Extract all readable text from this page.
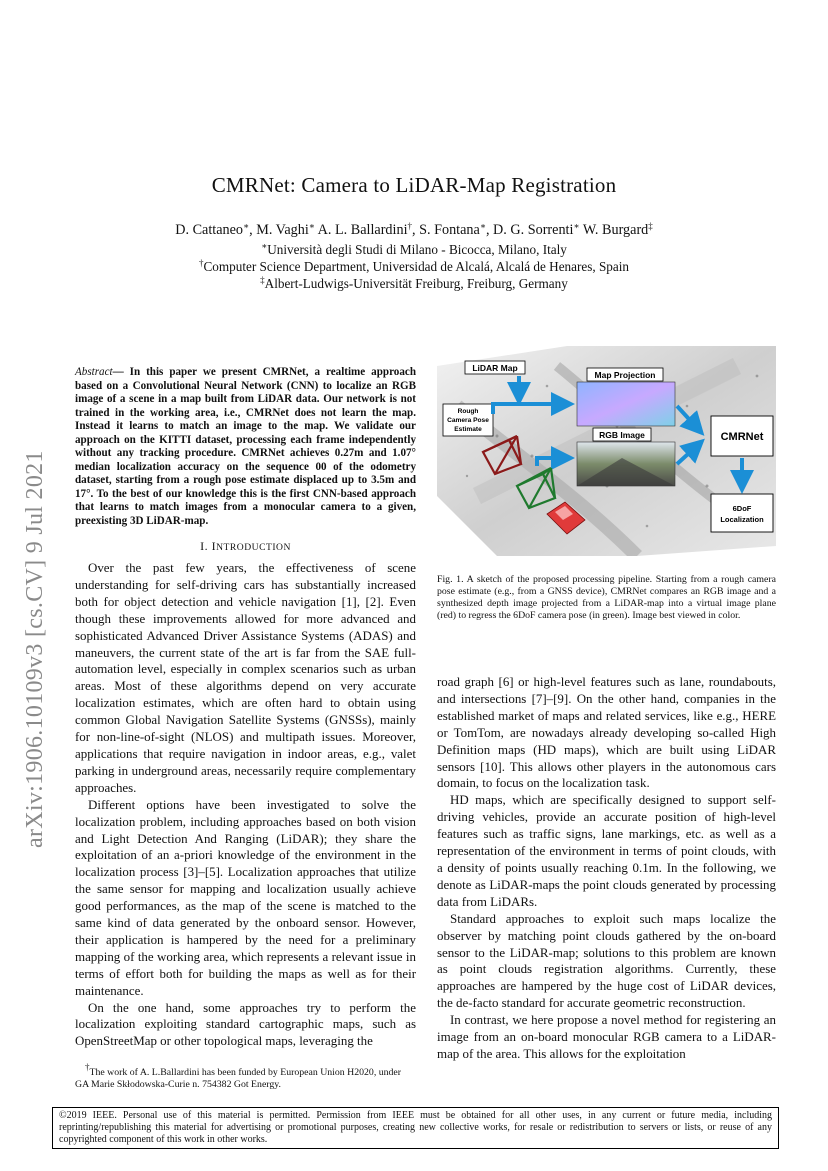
arXiv:1906.10109v3 [cs.CV] 9 Jul 2021
CMRNet: Camera to LiDAR-Map Registration
D. Cattaneo∗, M. Vaghi∗ A. L. Ballardini†, S. Fontana∗, D. G. Sorrenti∗ W. Burgard‡
∗Università degli Studi di Milano - Bicocca, Milano, Italy
†Computer Science Department, Universidad de Alcalá, Alcalá de Henares, Spain
‡Albert-Ludwigs-Universität Freiburg, Freiburg, Germany

Abstract— In this paper we present CMRNet, a realtime approach based on a Convolutional Neural Network (CNN) to localize an RGB image of a scene in a map built from LiDAR data. Our network is not trained in the working area, i.e., CMRNet does not learn the map. Instead it learns to match an image to the map. We validate our approach on the KITTI dataset, processing each frame independently without any tracking procedure. CMRNet achieves 0.27m and 1.07° median localization accuracy on the sequence 00 of the odometry dataset, starting from a rough pose estimate displaced up to 3.5m and 17°. To the best of our knowledge this is the first CNN-based approach that learns to match images from a monocular camera to a given, preexisting 3D LiDAR-map.

I. INTRODUCTION

Over the past few years, the effectiveness of scene understanding for self-driving cars has substantially increased both for object detection and vehicle navigation [1], [2]. Even though these improvements allowed for more advanced and sophisticated Advanced Driver Assistance Systems (ADAS) and maneuvers, the current state of the art is far from the SAE full-automation level, especially in complex scenarios such as urban areas. Most of these algorithms depend on very accurate localization estimates, which are often hard to obtain using common Global Navigation Satellite Systems (GNSSs), mainly for non-line-of-sight (NLOS) and multipath issues. Moreover, applications that require navigation in indoor areas, e.g., valet parking in underground areas, necessarily require complementary approaches.

Different options have been investigated to solve the localization problem, including approaches based on both vision and Light Detection And Ranging (LiDAR); they share the exploitation of an a-priori knowledge of the environment in the localization process [3]–[5]. Localization approaches that utilize the same sensor for mapping and localization usually achieve good performances, as the map of the scene is matched to the same kind of data generated by the onboard sensor. However, their application is hampered by the need for a preliminary mapping of the working area, which represents a relevant issue in terms of effort both for building the maps as well as for their maintenance.

On the one hand, some approaches try to perform the localization exploiting standard cartographic maps, such as OpenStreetMap or other topological maps, leveraging the

†The work of A. L.Ballardini has been funded by European Union H2020, under GA Marie Skłodowska-Curie n. 754382 Got Energy.
LiDAR Map
Map Projection
Rough
Camera Pose
Estimate
RGB Image	CMRNet
6DoF
Localization
Fig. 1. A sketch of the proposed processing pipeline. Starting from a rough camera pose estimate (e.g., from a GNSS device), CMRNet compares an RGB image and a synthesized depth image projected from a LiDAR-map into a virtual image plane (red) to regress the 6DoF camera pose (in green). Image best viewed in color.

road graph [6] or high-level features such as lane, roundabouts, and intersections [7]–[9]. On the other hand, companies in the established market of maps and related services, like e.g., HERE or TomTom, are nowadays already developing so-called High Definition maps (HD maps), which are built using LiDAR sensors [10]. This allows other players in the autonomous cars domain, to focus on the localization task.

HD maps, which are specifically designed to support self-driving vehicles, provide an accurate position of high-level features such as traffic signs, lane markings, etc. as well as a representation of the environment in terms of point clouds, with a density of points usually reaching 0.1m. In the following, we denote as LiDAR-maps the point clouds generated by processing data from LiDARs.

Standard approaches to exploit such maps localize the observer by matching point clouds gathered by the on-board sensor to the LiDAR-map; solutions to this problem are known as point clouds registration algorithms. Currently, these approaches are hampered by the huge cost of LiDAR devices, the de-facto standard for accurate geometric reconstruction.

In contrast, we here propose a novel method for registering an image from an on-board monocular RGB camera to a LiDAR-map of the area. This allows for the exploitation

©2019 IEEE. Personal use of this material is permitted. Permission from IEEE must be obtained for all other uses, in any current or future media, including reprinting/republishing this material for advertising or promotional purposes, creating new collective works, for resale or redistribution to servers or lists, or reuse of any copyrighted component of this work in other works.
